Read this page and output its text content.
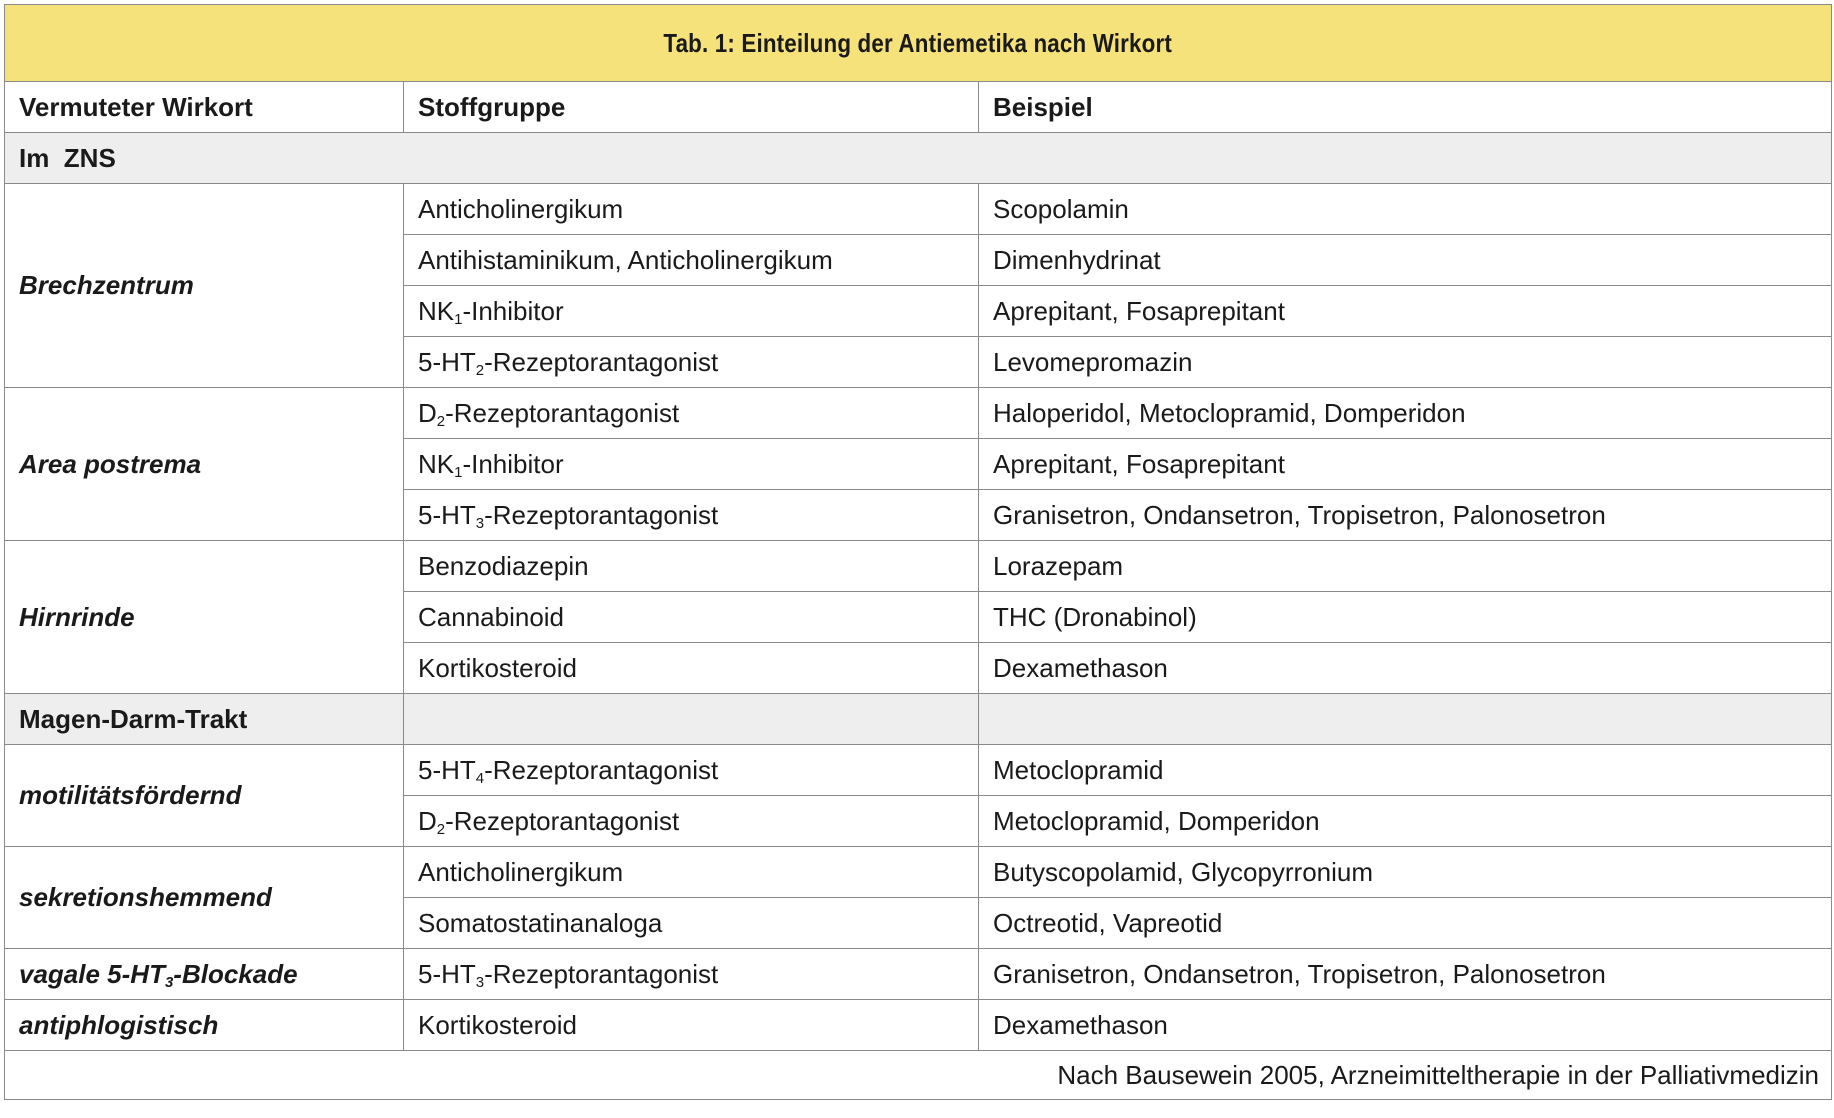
Tab. 1: Einteilung der Antiemetika nach Wirkort		
Vermuteter Wirkort	Stoffgruppe	Beispiel
Im  ZNS		
Brechzentrum	Anticholinergikum	Scopolamin
	Antihistaminikum, Anticholinergikum	Dimenhydrinat
	$NK_1$-Inhibitor	Aprepitant, Fosaprepitant
	$5-HT_2$-Rezeptorantagonist	Levomepromazin
Area postrema	$D_2$-Rezeptorantagonist	Haloperidol, Metoclopramid, Domperidon
	$NK_1$-Inhibitor	Aprepitant, Fosaprepitant
	$5-HT_3$-Rezeptorantagonist	Granisetron, Ondansetron, Tropisetron, Palonosetron
Hirnrinde	Benzodiazepin	Lorazepam
	Cannabinoid	THC (Dronabinol)
	Kortikosteroid	Dexamethason
Magen-Darm-Trakt		
motilitätsfördernd	$5-HT_4$-Rezeptorantagonist	Metoclopramid
	$D_2$-Rezeptorantagonist	Metoclopramid, Domperidon
sekretionshemmend	Anticholinergikum	Butyscopolamid, Glycopyrronium
	Somatostatinanaloga	Octreotid, Vapreotid
vagale $5-HT_3$-Blockade	$5-HT_3$-Rezeptorantagonist	Granisetron, Ondansetron, Tropisetron, Palonosetron
antiphlogistisch	Kortikosteroid	Dexamethason
Nach Bausewein 2005, Arzneimitteltherapie in der Palliativmedizin		
